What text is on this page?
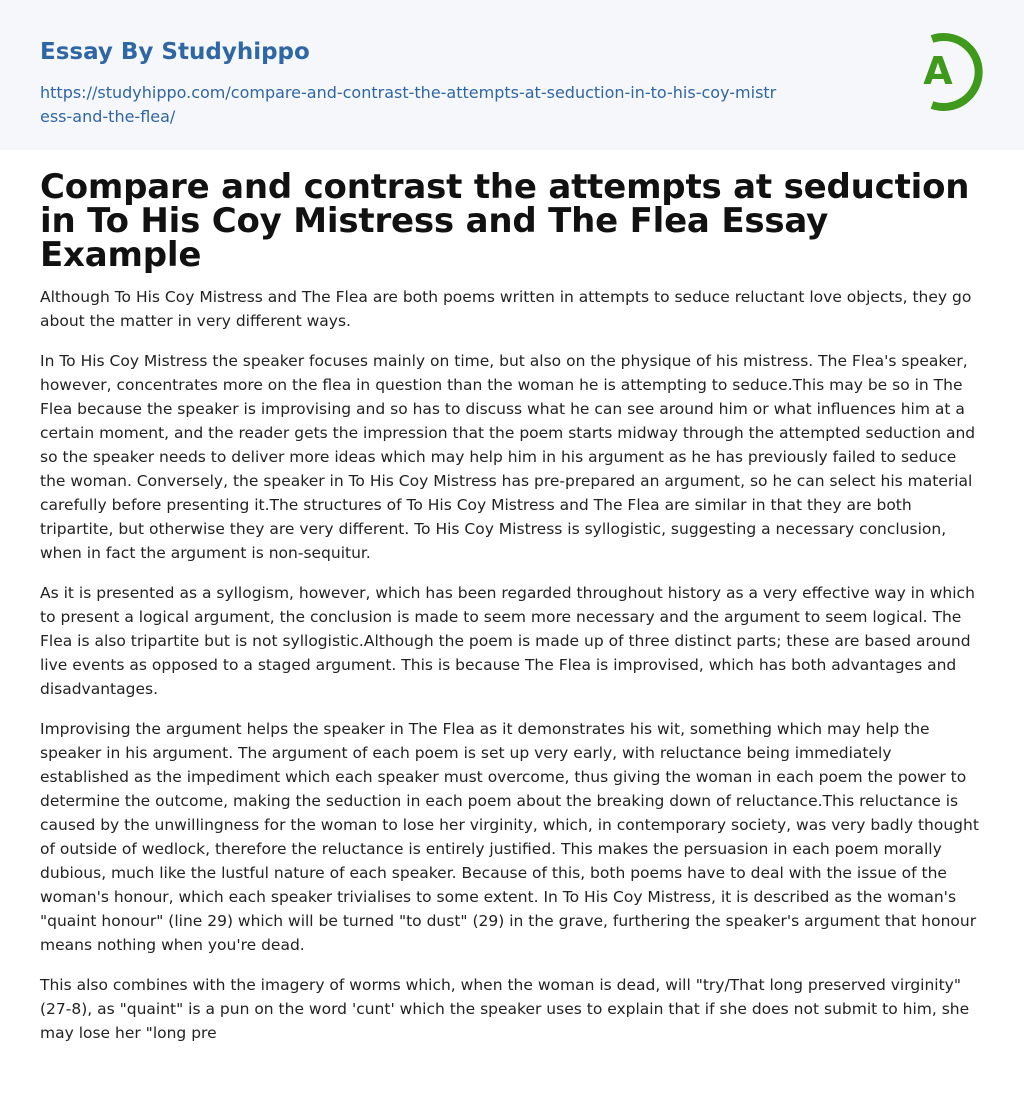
Essay By Studyhippo
https://studyhippo.com/compare-and-contrast-the-attempts-at-seduction-in-to-his-coy-mistress-and-the-flea/
A
Compare and contrast the attempts at seduction in To His Coy Mistress and The Flea Essay Example

Although To His Coy Mistress and The Flea are both poems written in attempts to seduce reluctant love objects, they go about the matter in very different ways.

In To His Coy Mistress the speaker focuses mainly on time, but also on the physique of his mistress. The Flea's speaker, however, concentrates more on the flea in question than the woman he is attempting to seduce.This may be so in The Flea because the speaker is improvising and so has to discuss what he can see around him or what influences him at a certain moment, and the reader gets the impression that the poem starts midway through the attempted seduction and so the speaker needs to deliver more ideas which may help him in his argument as he has previously failed to seduce the woman. Conversely, the speaker in To His Coy Mistress has pre-prepared an argument, so he can select his material carefully before presenting it.The structures of To His Coy Mistress and The Flea are similar in that they are both tripartite, but otherwise they are very different. To His Coy Mistress is syllogistic, suggesting a necessary conclusion, when in fact the argument is non-sequitur.

As it is presented as a syllogism, however, which has been regarded throughout history as a very effective way in which to present a logical argument, the conclusion is made to seem more necessary and the argument to seem logical. The Flea is also tripartite but is not syllogistic.Although the poem is made up of three distinct parts; these are based around live events as opposed to a staged argument. This is because The Flea is improvised, which has both advantages and disadvantages.

Improvising the argument helps the speaker in The Flea as it demonstrates his wit, something which may help the speaker in his argument. The argument of each poem is set up very early, with reluctance being immediately established as the impediment which each speaker must overcome, thus giving the woman in each poem the power to determine the outcome, making the seduction in each poem about the breaking down of reluctance.This reluctance is caused by the unwillingness for the woman to lose her virginity, which, in contemporary society, was very badly thought of outside of wedlock, therefore the reluctance is entirely justified. This makes the persuasion in each poem morally dubious, much like the lustful nature of each speaker. Because of this, both poems have to deal with the issue of the woman's honour, which each speaker trivialises to some extent. In To His Coy Mistress, it is described as the woman's "quaint honour" (line 29) which will be turned "to dust" (29) in the grave, furthering the speaker's argument that honour means nothing when you're dead.

This also combines with the imagery of worms which, when the woman is dead, will "try/That long preserved virginity" (27-8), as "quaint" is a pun on the word 'cunt' which the speaker uses to explain that if she does not submit to him, she may lose her "long pre
